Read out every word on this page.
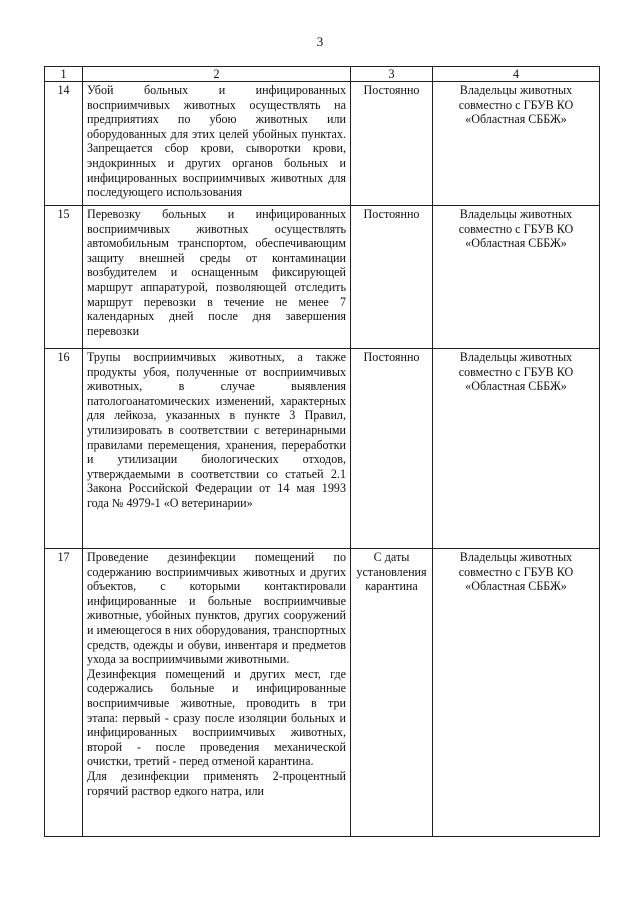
3
1	2	3	4
14	Убой больных и инфицированных восприимчивых животных осуществлять на предприятиях по убою животных или оборудованных для этих целей убойных пунктах. Запрещается сбор крови, сыворотки крови, эндокринных и других органов больных и инфицированных восприимчивых животных для последующего использования	Постоянно	Владельцы животных совместно с ГБУВ КО «Областная СББЖ»
15	Перевозку больных и инфицированных восприимчивых животных осуществлять автомобильным транспортом, обеспечивающим защиту внешней среды от контаминации возбудителем и оснащенным фиксирующей маршрут аппаратурой, позволяющей отследить маршрут перевозки в течение не менее 7 календарных дней после дня завершения перевозки	Постоянно	Владельцы животных совместно с ГБУВ КО «Областная СББЖ»
16	Трупы восприимчивых животных, а также продукты убоя, полученные от восприимчивых животных, в случае выявления патологоанатомических изменений, характерных для лейкоза, указанных в пункте 3 Правил, утилизировать в соответствии с ветеринарными правилами перемещения, хранения, переработки и утилизации биологических отходов, утверждаемыми в соответствии со статьей 2.1 Закона Российской Федерации от 14 мая 1993 года № 4979-1 «О ветеринарии»	Постоянно	Владельцы животных совместно с ГБУВ КО «Областная СББЖ»
17	Проведение дезинфекции помещений по содержанию восприимчивых животных и других объектов, с которыми контактировали инфицированные и больные восприимчивые животные, убойных пунктов, других сооружений и имеющегося в них оборудования, транспортных средств, одежды и обуви, инвентаря и предметов ухода за восприимчивыми животными.
Дезинфекция помещений и других мест, где содержались больные и инфицированные восприимчивые животные, проводить в три этапа: первый - сразу после изоляции больных и инфицированных восприимчивых животных, второй - после проведения механической очистки, третий - перед отменой карантина.
Для дезинфекции применять 2-процентный горячий раствор едкого натра, или	С даты установления карантина	Владельцы животных совместно с ГБУВ КО «Областная СББЖ»
